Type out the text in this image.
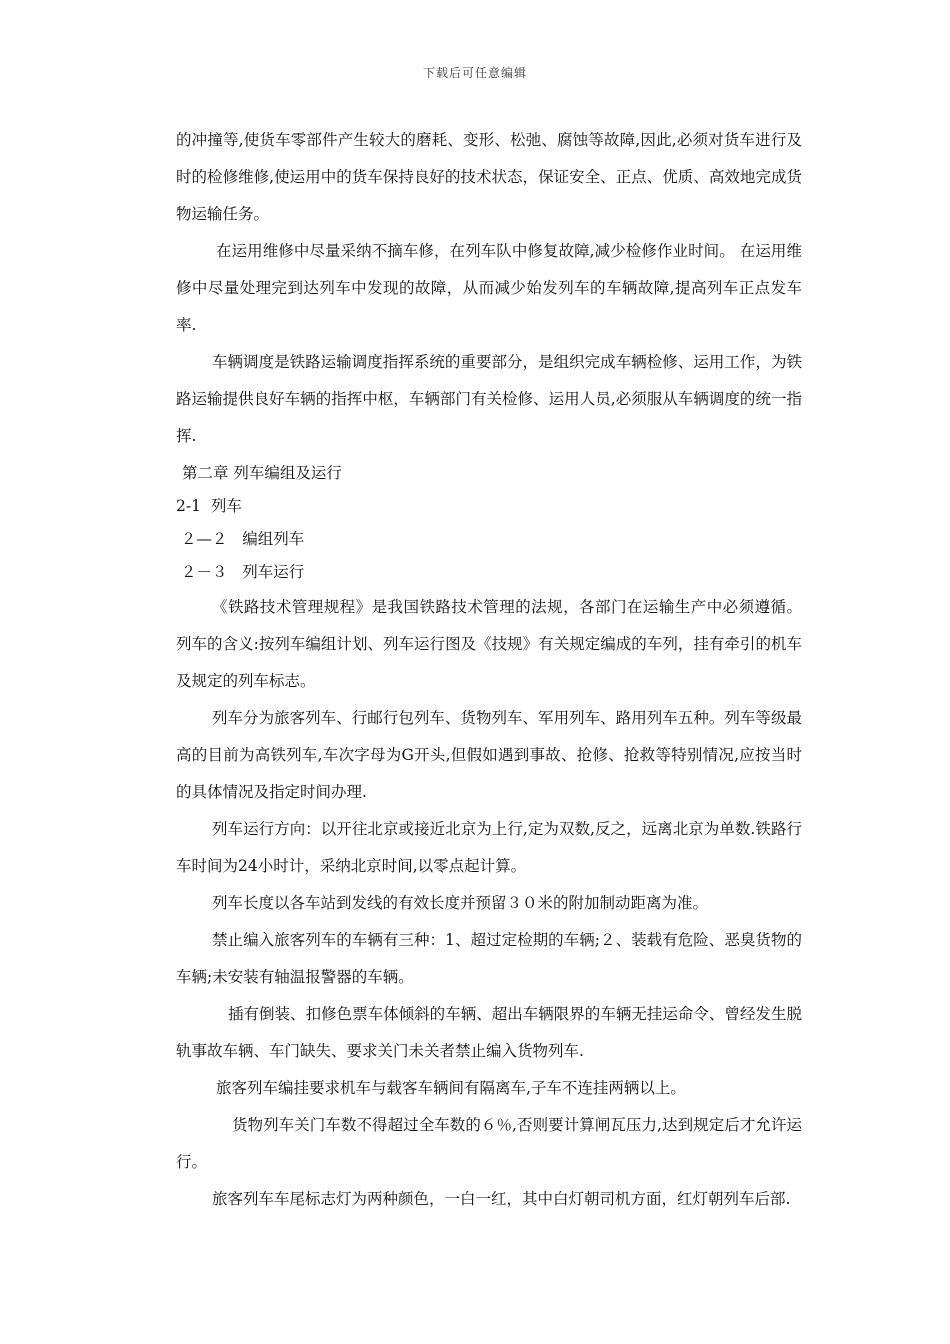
下载后可任意编辑

的冲撞等,使货车零部件产生较大的磨耗、变形、松弛、腐蚀等故障,因此,必须对货车进行及时的检修维修,使运用中的货车保持良好的技术状态，保证安全、正点、优质、高效地完成货物运输任务。

在运用维修中尽量采纳不摘车修，在列车队中修复故障,减少检修作业时间。 在运用维修中尽量处理完到达列车中发现的故障，从而减少始发列车的车辆故障,提高列车正点发车率.

车辆调度是铁路运输调度指挥系统的重要部分，是组织完成车辆检修、运用工作，为铁路运输提供良好车辆的指挥中枢，车辆部门有关检修、运用人员,必须服从车辆调度的统一指挥.

第二章 列车编组及运行

2-1  列车

２—２   编组列车

２－３   列车运行

《铁路技术管理规程》是我国铁路技术管理的法规，各部门在运输生产中必须遵循。 列车的含义:按列车编组计划、列车运行图及《技规》有关规定编成的车列，挂有牵引的机车及规定的列车标志。

列车分为旅客列车、行邮行包列车、货物列车、军用列车、路用列车五种。列车等级最高的目前为高铁列车,车次字母为G开头,但假如遇到事故、抢修、抢救等特别情况,应按当时的具体情况及指定时间办理.

列车运行方向：以开往北京或接近北京为上行,定为双数,反之，远离北京为单数.铁路行车时间为24小时计，采纳北京时间,以零点起计算。

列车长度以各车站到发线的有效长度并预留３０米的附加制动距离为准。

禁止编入旅客列车的车辆有三种：1、超过定检期的车辆;２、装载有危险、恶臭货物的车辆;未安装有轴温报警器的车辆。

插有倒装、扣修色票车体倾斜的车辆、超出车辆限界的车辆无挂运命令、曾经发生脱轨事故车辆、车门缺失、要求关门未关者禁止编入货物列车.

旅客列车编挂要求机车与载客车辆间有隔离车,子车不连挂两辆以上。

货物列车关门车数不得超过全车数的６％,否则要计算闸瓦压力,达到规定后才允许运行。

旅客列车车尾标志灯为两种颜色，一白一红，其中白灯朝司机方面，红灯朝列车后部.
